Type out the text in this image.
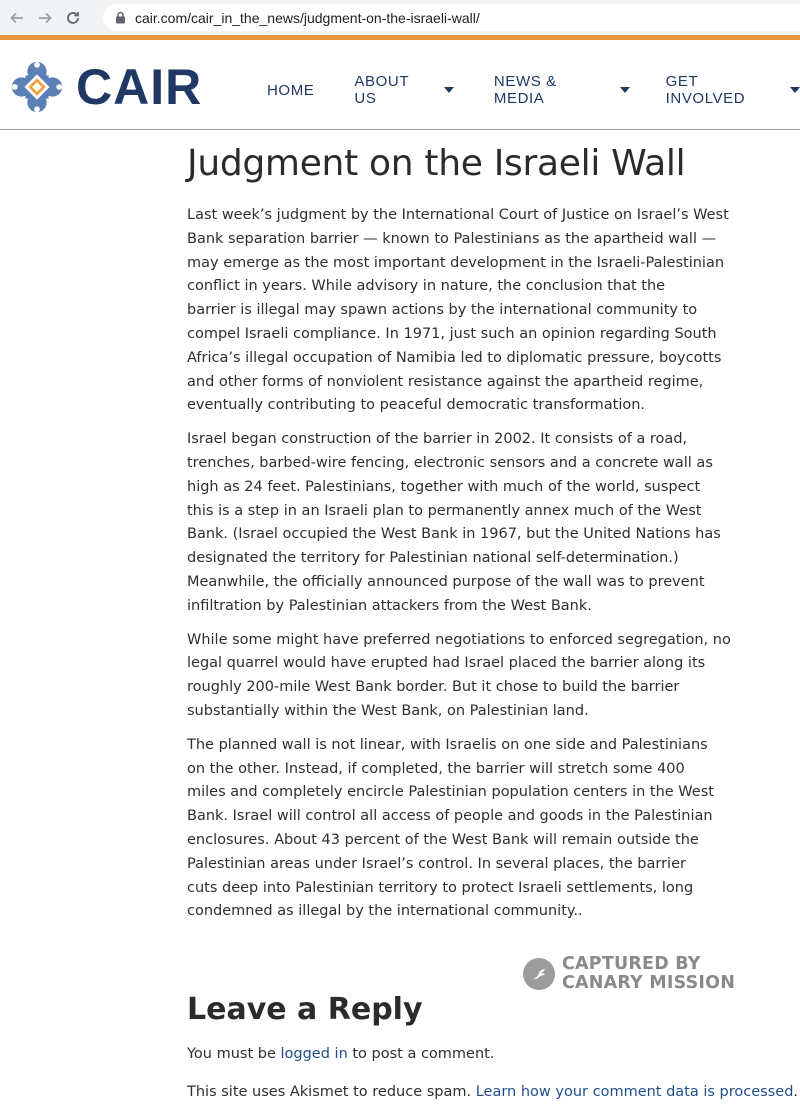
cair.com/cair_in_the_news/judgment-on-the-israeli-wall/
CAIR	HOME	ABOUT US
NEWS & MEDIA
GET INVOLVED
Judgment on the Israeli Wall

Last week’s judgment by the International Court of Justice on Israel’s West
Bank separation barrier — known to Palestinians as the apartheid wall —
may emerge as the most important development in the Israeli-Palestinian
conflict in years. While advisory in nature, the conclusion that the
barrier is illegal may spawn actions by the international community to
compel Israeli compliance. In 1971, just such an opinion regarding South
Africa’s illegal occupation of Namibia led to diplomatic pressure, boycotts
and other forms of nonviolent resistance against the apartheid regime,
eventually contributing to peaceful democratic transformation.

Israel began construction of the barrier in 2002. It consists of a road,
trenches, barbed-wire fencing, electronic sensors and a concrete wall as
high as 24 feet. Palestinians, together with much of the world, suspect
this is a step in an Israeli plan to permanently annex much of the West
Bank. (Israel occupied the West Bank in 1967, but the United Nations has
designated the territory for Palestinian national self-determination.)
Meanwhile, the officially announced purpose of the wall was to prevent
infiltration by Palestinian attackers from the West Bank.

While some might have preferred negotiations to enforced segregation, no
legal quarrel would have erupted had Israel placed the barrier along its
roughly 200-mile West Bank border. But it chose to build the barrier
substantially within the West Bank, on Palestinian land.

The planned wall is not linear, with Israelis on one side and Palestinians
on the other. Instead, if completed, the barrier will stretch some 400
miles and completely encircle Palestinian population centers in the West
Bank. Israel will control all access of people and goods in the Palestinian
enclosures. About 43 percent of the West Bank will remain outside the
Palestinian areas under Israel’s control. In several places, the barrier
cuts deep into Palestinian territory to protect Israeli settlements, long
condemned as illegal by the international community..

CAPTURED BY
CANARY MISSION
Leave a Reply

You must be logged in to post a comment.

This site uses Akismet to reduce spam. Learn how your comment data is processed.
